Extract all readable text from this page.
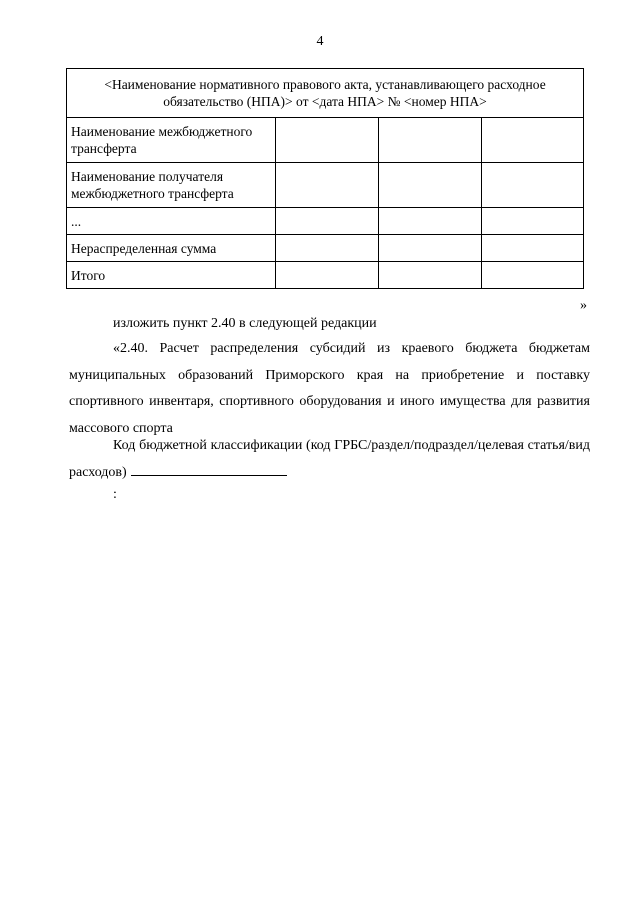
4
<Наименование нормативного правового акта, устанавливающего расходное обязательство (НПА)> от <дата НПА> № <номер НПА>			
Наименование межбюджетного трансферта			
Наименование получателя межбюджетного трансферта			
...			
Нераспределенная сумма			
Итого			
»
изложить пункт 2.40 в следующей редакции
«2.40. Расчет распределения субсидий из краевого бюджета бюджетам муниципальных образований Приморского края на приобретение и поставку спортивного инвентаря, спортивного оборудования и иного имущества для развития массового спорта
Код бюджетной классификации (код ГРБС/раздел/подраздел/целевая статья/вид расходов)
:
